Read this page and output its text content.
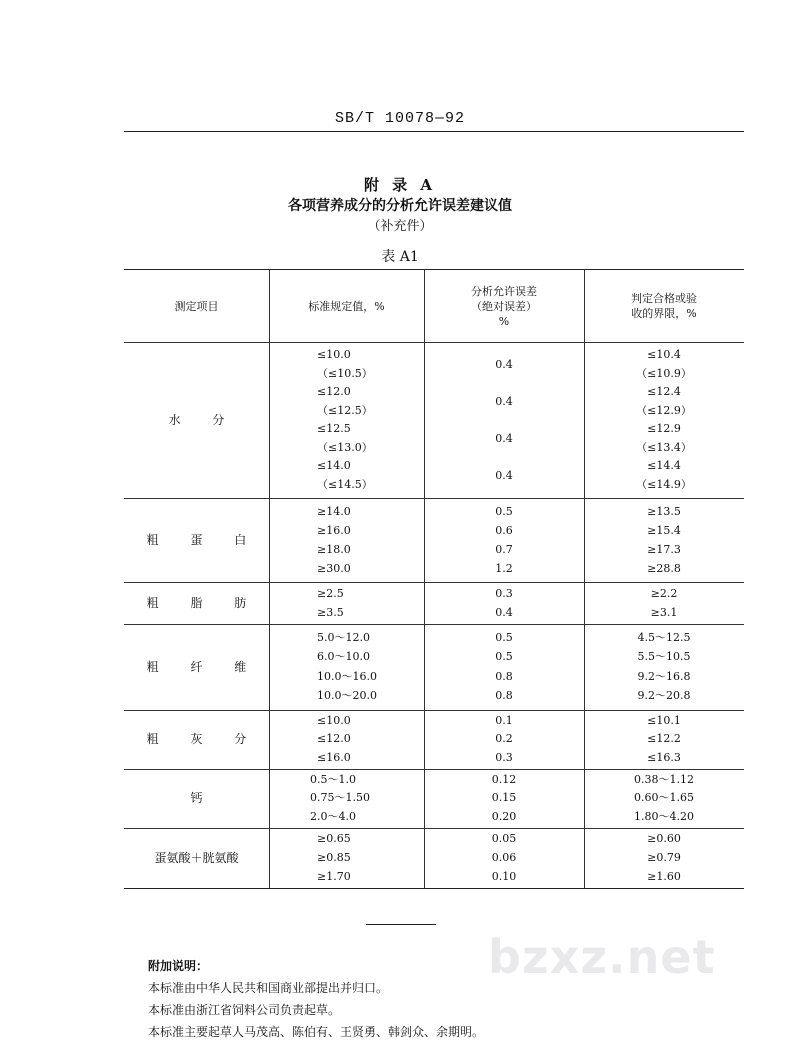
SB/T 10078—92
附 录 A
各项营养成分的分析允许误差建议值
（补充件）
表 A1
测定项目	标准规定值，%
分析允许误差
（绝对误差）
%
判定合格或验
收的界限，%
水 分
≤10.0
（≤10.5）
≤12.0
（≤12.5）
≤12.5
（≤13.0）
≤14.0
（≤14.5）
0.4
0.4
0.4
0.4
≤10.4
（≤10.9）
≤12.4
（≤12.9）
≤12.9
（≤13.4）
≤14.4
（≤14.9）
粗 蛋 白
≥14.0
≥16.0
≥18.0
≥30.0
0.5
0.6
0.7
1.2
≥13.5
≥15.4
≥17.3
≥28.8
粗 脂 肪
≥2.5
≥3.5
0.3
0.4
≥2.2
≥3.1
粗 纤 维
5.0～12.0
6.0～10.0
10.0～16.0
10.0～20.0
0.5
0.5
0.8
0.8
4.5～12.5
5.5～10.5
9.2～16.8
9.2～20.8
粗 灰 分
≤10.0
≤12.0
≤16.0
0.1
0.2
0.3
≤10.1
≤12.2
≤16.3
钙
0.5～1.0
0.75～1.50
2.0～4.0
0.12
0.15
0.20
0.38～1.12
0.60～1.65
1.80～4.20
蛋氨酸＋胱氨酸
≥0.65
≥0.85
≥1.70
0.05
0.06
0.10
≥0.60
≥0.79
≥1.60
bzxz.net
附加说明：
本标准由中华人民共和国商业部提出并归口。
本标准由浙江省饲料公司负责起草。
本标准主要起草人马茂高、陈伯有、王贤勇、韩剑众、余期明。
